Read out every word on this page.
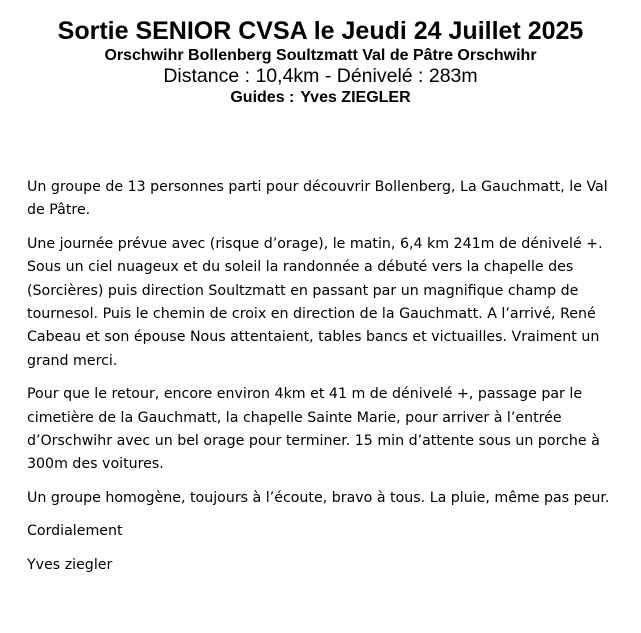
Sortie SENIOR CVSA le Jeudi 24 Juillet 2025

Orschwihr Bollenberg Soultzmatt Val de Pâtre Orschwihr

Distance : 10,4km - Dénivelé : 283m

Guides : Yves ZIEGLER

Un groupe de 13 personnes parti pour découvrir Bollenberg, La Gauchmatt, le Val de Pâtre.

Une journée prévue avec (risque d’orage), le matin, 6,4 km 241m de dénivelé +. Sous un ciel nuageux et du soleil la randonnée a débuté vers la chapelle des (Sorcières) puis direction Soultzmatt en passant par un magnifique champ de tournesol. Puis le chemin de croix en direction de la Gauchmatt. A l’arrivé, René Cabeau et son épouse Nous attentaient, tables bancs et victuailles. Vraiment un grand merci.

Pour que le retour, encore environ 4km et 41 m de dénivelé +, passage par le cimetière de la Gauchmatt, la chapelle Sainte Marie, pour arriver à l’entrée d’Orschwihr avec un bel orage pour terminer. 15 min d’attente sous un porche à 300m des voitures.

Un groupe homogène, toujours à l’écoute, bravo à tous. La pluie, même pas peur.

Cordialement

Yves ziegler
